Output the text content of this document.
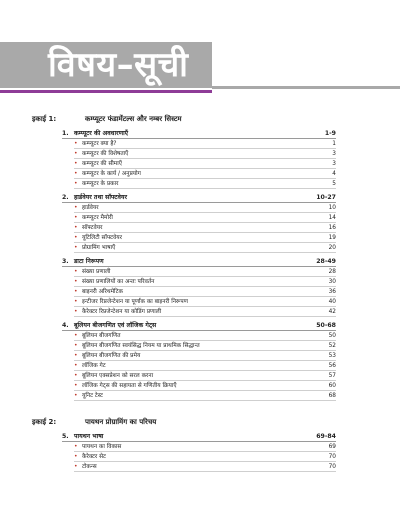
विषय–सूची
इकाई 1:	कम्प्यूटर फंडामेंटल्स और नम्बर सिस्टम
1. कम्प्यूटर की अवधारणाएँ	1-9
• कम्प्यूटर क्या है?	1
• कम्प्यूटर की विशेषताएँ	3
• कम्प्यूटर की सीमाएँ	3
• कम्प्यूटर के कार्य / अनुप्रयोग	4
• कम्प्यूटर के प्रकार	5
2. हार्डवेयर तथा सॉफ्टवेयर	10-27
• हार्डवेयर	10
• कम्प्यूटर मैमोरी	14
• सॉफ्टवेयर	16
• यूटिलिटी सॉफ्टवेयर	19
• प्रोग्रामिंग भाषाएँ	20
3. डाटा निरूपण	28-49
• संख्या प्रणाली	28
• संख्या प्रणालियों का अन्तः परिवर्तन	30
• बाइनरी अरिथमेटिक	36
• इन्टीजर रिप्रजेन्टेशन या पूर्णांक का बाइनरी निरूपण	40
• कैरेक्टर रिप्रजेन्टेशन या कोडिंग प्रणाली	42
4. बूलियन बीजगणित एवं लॉजिक गेट्स	50-68
• बूलियन बीजगणित	50
• बूलियन बीजगणित स्वयंसिद्ध नियम या प्राथमिक सिद्धान्त	52
• बूलियन बीजगणित की प्रमेय	53
• लॉजिक गेट	56
• बूलियन एक्सप्रेशन को सरल करना	57
• लॉजिक गेट्स की सहायता से गणितीय क्रियाएँ	60
• यूनिट टेस्ट	68
इकाई 2:	पायथन प्रोग्रामिंग का परिचय
5. पायथन भाषा	69-84
• पायथन का विकास	69
• कैरेक्टर सेट	70
• टोकन्स	70
